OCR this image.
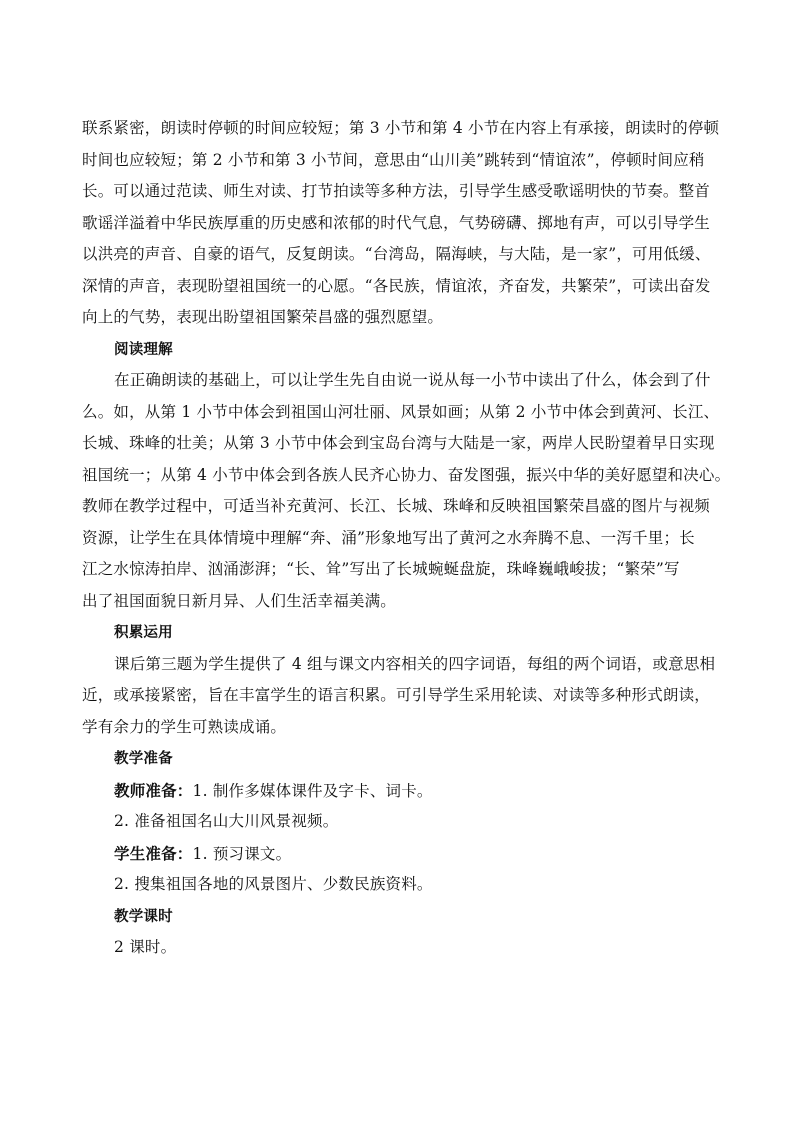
联系紧密，朗读时停顿的时间应较短；第 3 小节和第 4 小节在内容上有承接，朗读时的停顿
时间也应较短；第 2 小节和第 3 小节间，意思由“山川美”跳转到“情谊浓”，停顿时间应稍
长。可以通过范读、师生对读、打节拍读等多种方法，引导学生感受歌谣明快的节奏。整首
歌谣洋溢着中华民族厚重的历史感和浓郁的时代气息，气势磅礴、掷地有声，可以引导学生
以洪亮的声音、自豪的语气，反复朗读。“台湾岛，隔海峡，与大陆，是一家”，可用低缓、
深情的声音，表现盼望祖国统一的心愿。“各民族，情谊浓，齐奋发，共繁荣”，可读出奋发
向上的气势，表现出盼望祖国繁荣昌盛的强烈愿望。
阅读理解
在正确朗读的基础上，可以让学生先自由说一说从每一小节中读出了什么，体会到了什
么。如，从第 1 小节中体会到祖国山河壮丽、风景如画；从第 2 小节中体会到黄河、长江、
长城、珠峰的壮美；从第 3 小节中体会到宝岛台湾与大陆是一家，两岸人民盼望着早日实现
祖国统一；从第 4 小节中体会到各族人民齐心协力、奋发图强，振兴中华的美好愿望和决心。
教师在教学过程中，可适当补充黄河、长江、长城、珠峰和反映祖国繁荣昌盛的图片与视频
资源，让学生在具体情境中理解“奔、涌”形象地写出了黄河之水奔腾不息、一泻千里；长
江之水惊涛拍岸、汹涌澎湃；“长、耸”写出了长城蜿蜒盘旋，珠峰巍峨峻拔；“繁荣”写
出了祖国面貌日新月异、人们生活幸福美满。
积累运用
课后第三题为学生提供了 4 组与课文内容相关的四字词语，每组的两个词语，或意思相
近，或承接紧密，旨在丰富学生的语言积累。可引导学生采用轮读、对读等多种形式朗读，
学有余力的学生可熟读成诵。
教学准备
教师准备：1. 制作多媒体课件及字卡、词卡。
2. 准备祖国名山大川风景视频。
学生准备：1. 预习课文。
2. 搜集祖国各地的风景图片、少数民族资料。
教学课时
2 课时。
